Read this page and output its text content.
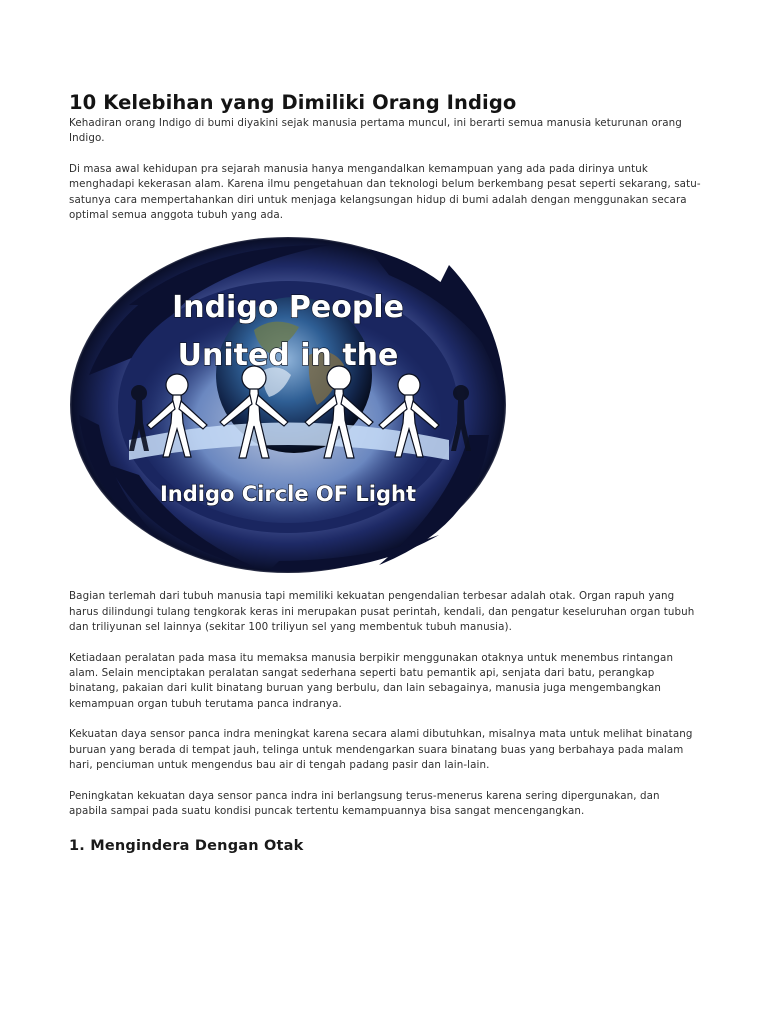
10 Kelebihan yang Dimiliki Orang Indigo

Kehadiran orang Indigo di bumi diyakini sejak manusia pertama muncul, ini berarti semua manusia keturunan orang Indigo.

Di masa awal kehidupan pra sejarah manusia hanya mengandalkan kemampuan yang ada pada dirinya untuk menghadapi kekerasan alam. Karena ilmu pengetahuan dan teknologi belum berkembang pesat seperti sekarang, satu-satunya cara mempertahankan diri untuk menjaga kelangsungan hidup di bumi adalah dengan menggunakan secara optimal semua anggota tubuh yang ada.

Indigo People
United in the
Indigo Circle OF Light

Bagian terlemah dari tubuh manusia tapi memiliki kekuatan pengendalian terbesar adalah otak. Organ rapuh yang harus dilindungi tulang tengkorak keras ini merupakan pusat perintah, kendali, dan pengatur keseluruhan organ tubuh dan triliyunan sel lainnya (sekitar 100 triliyun sel yang membentuk tubuh manusia).

Ketiadaan peralatan pada masa itu memaksa manusia berpikir menggunakan otaknya untuk menembus rintangan alam. Selain menciptakan peralatan sangat sederhana seperti batu pemantik api, senjata dari batu, perangkap binatang, pakaian dari kulit binatang buruan yang berbulu, dan lain sebagainya, manusia juga mengembangkan kemampuan organ tubuh terutama panca indranya.

Kekuatan daya sensor panca indra meningkat karena secara alami dibutuhkan, misalnya mata untuk melihat binatang buruan yang berada di tempat jauh, telinga untuk mendengarkan suara binatang buas yang berbahaya pada malam hari, penciuman untuk mengendus bau air di tengah padang pasir dan lain-lain.

Peningkatan kekuatan daya sensor panca indra ini berlangsung terus-menerus karena sering dipergunakan, dan apabila sampai pada suatu kondisi puncak tertentu kemampuannya bisa sangat mencengangkan.

1. Mengindera Dengan Otak
